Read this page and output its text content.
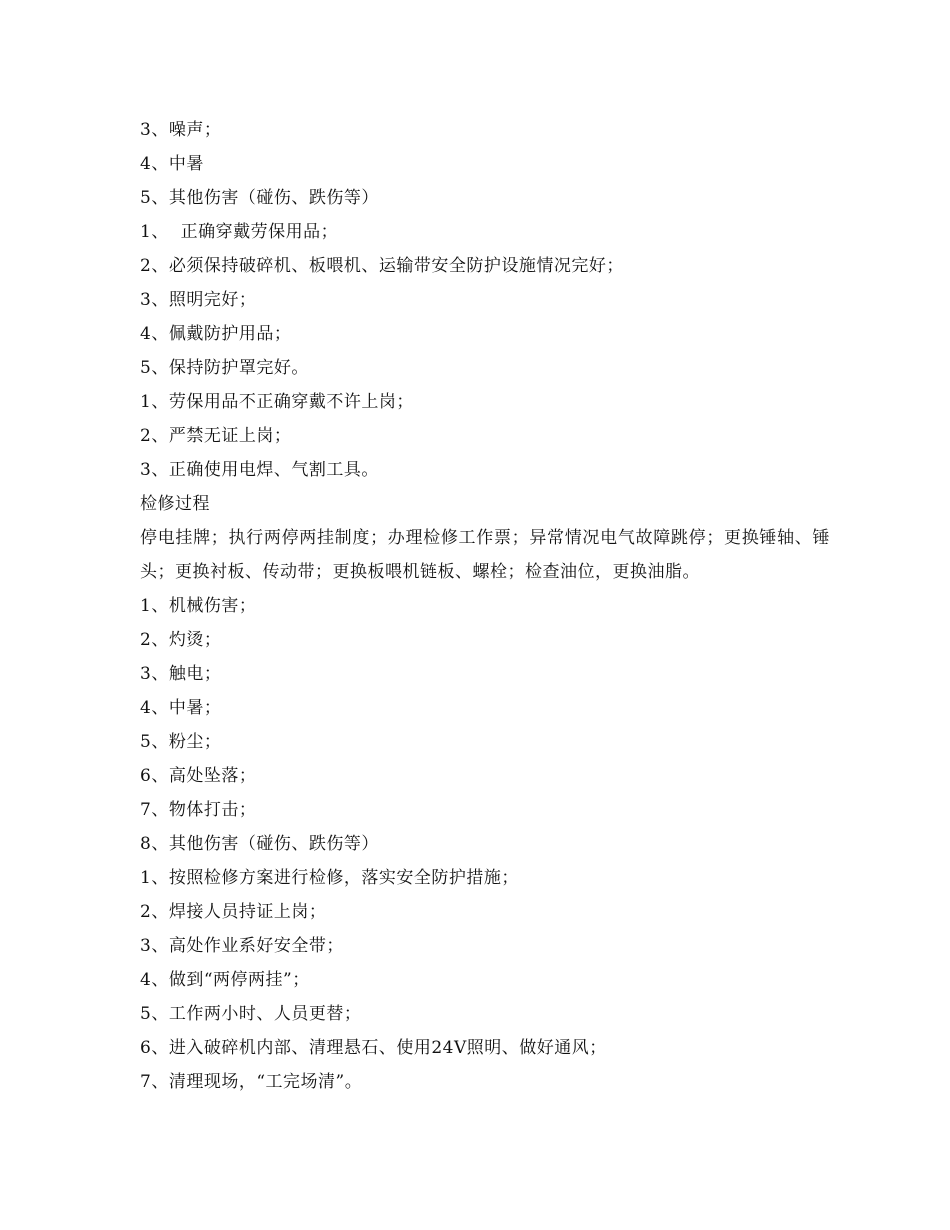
3、噪声；
4、中暑
5、其他伤害（碰伤、跌伤等）
1、  正确穿戴劳保用品；
2、必须保持破碎机、板喂机、运输带安全防护设施情况完好；
3、照明完好；
4、佩戴防护用品；
5、保持防护罩完好。
1、劳保用品不正确穿戴不许上岗；
2、严禁无证上岗；
3、正确使用电焊、气割工具。
检修过程
停电挂牌；执行两停两挂制度；办理检修工作票；异常情况电气故障跳停；更换锤轴、锤头；更换衬板、传动带；更换板喂机链板、螺栓；检查油位，更换油脂。
1、机械伤害；
2、灼烫；
3、触电；
4、中暑；
5、粉尘；
6、高处坠落；
7、物体打击；
8、其他伤害（碰伤、跌伤等）
1、按照检修方案进行检修，落实安全防护措施；
2、焊接人员持证上岗；
3、高处作业系好安全带；
4、做到“两停两挂”；
5、工作两小时、人员更替；
6、进入破碎机内部、清理悬石、使用24V照明、做好通风；
7、清理现场，“工完场清”。
